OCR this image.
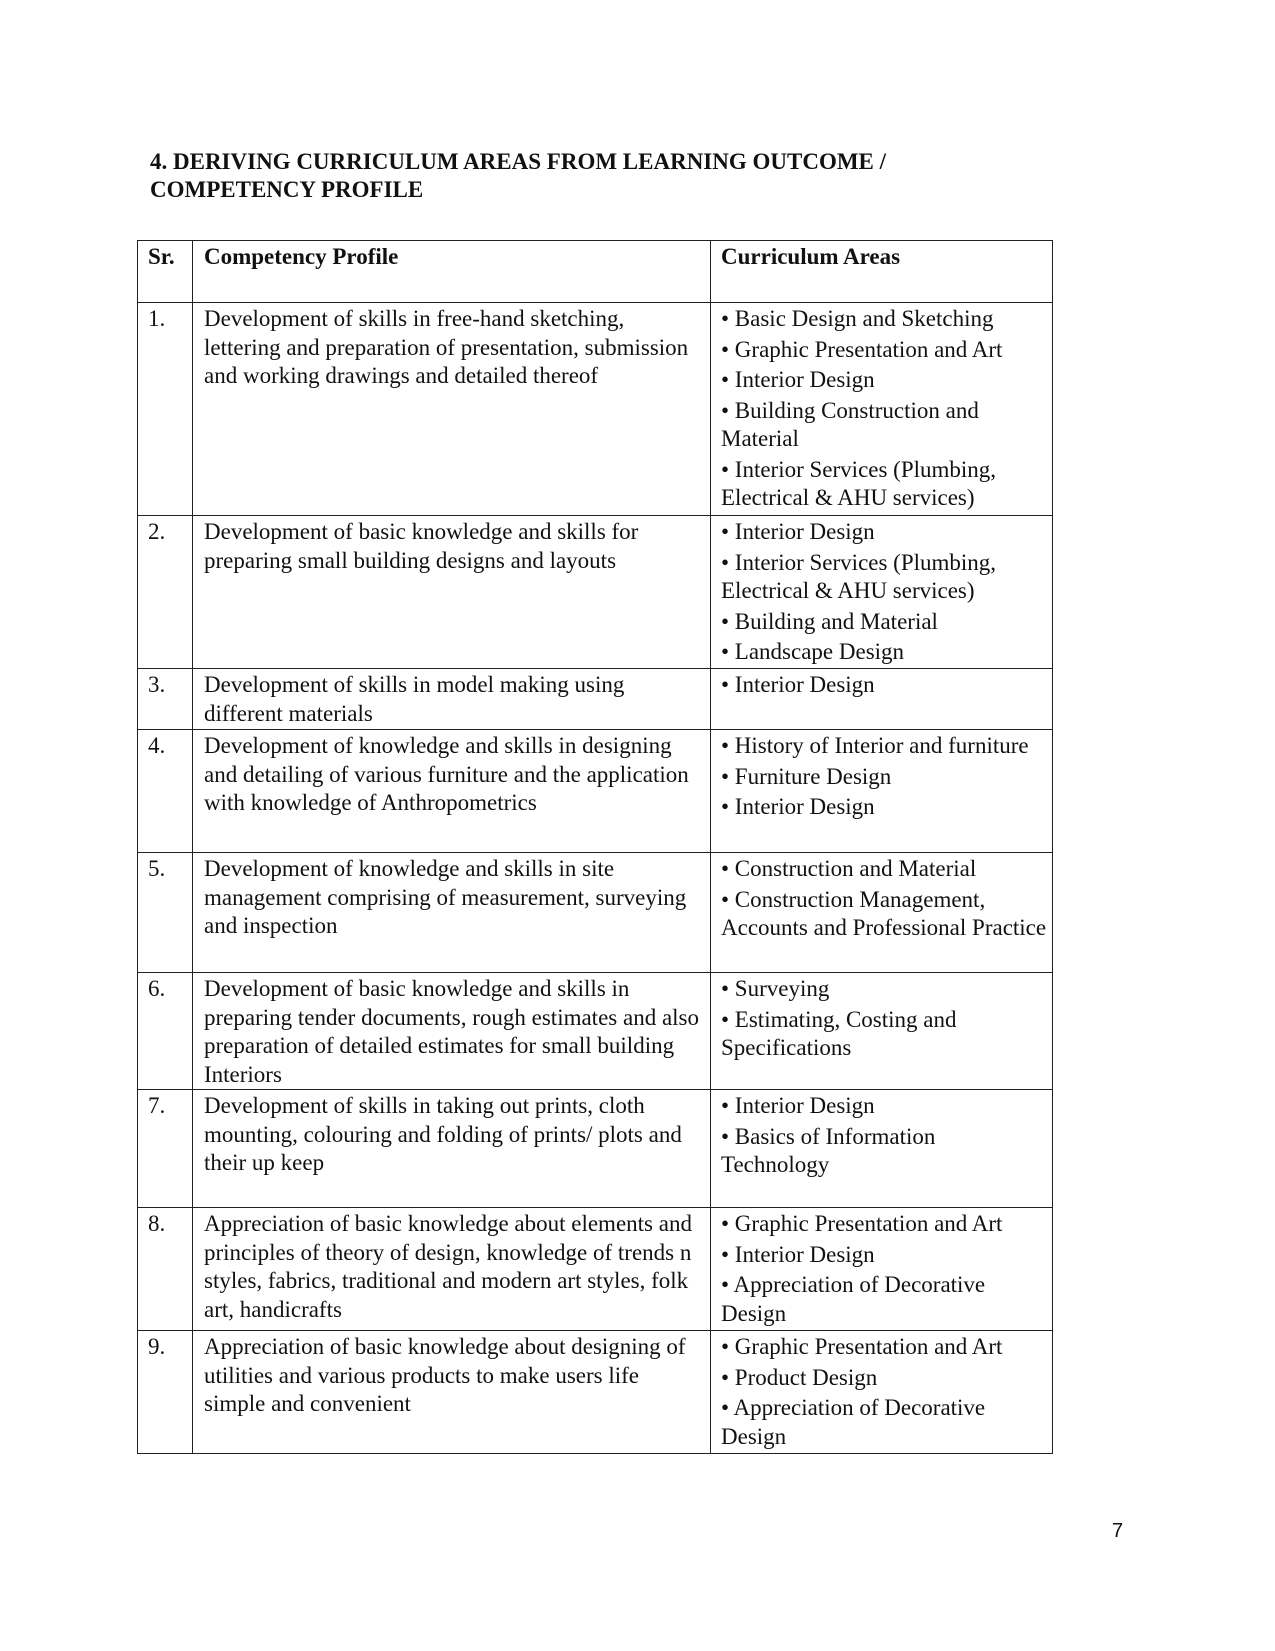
4. DERIVING CURRICULUM AREAS FROM LEARNING OUTCOME /
COMPETENCY PROFILE
Sr.	Competency Profile	Curriculum Areas
1.	Development of skills in free-hand sketching, lettering and preparation of presentation, submission and working drawings and detailed thereof	• Basic Design and Sketching
• Graphic Presentation and Art
• Interior Design
• Building Construction and Material
• Interior Services (Plumbing, Electrical & AHU services)

2.	Development of basic knowledge and skills for preparing small building designs and layouts	• Interior Design
• Interior Services (Plumbing, Electrical & AHU services)
• Building and Material
• Landscape Design

3.	Development of skills in model making using different materials	• Interior Design

4.	Development of knowledge and skills in designing and detailing of various furniture and the application with knowledge of Anthropometrics	• History of Interior and furniture
• Furniture Design
• Interior Design

5.	Development of knowledge and skills in site management comprising of measurement, surveying and inspection	• Construction and Material
• Construction Management, Accounts and Professional Practice

6.	Development of basic knowledge and skills in preparing tender documents, rough estimates and also preparation of detailed estimates for small building Interiors	• Surveying
• Estimating, Costing and Specifications

7.	Development of skills in taking out prints, cloth mounting, colouring and folding of prints/ plots and their up keep	• Interior Design
• Basics of Information Technology

8.	Appreciation of basic knowledge about elements and principles of theory of design, knowledge of trends n styles, fabrics, traditional and modern art styles, folk art, handicrafts	• Graphic Presentation and Art
• Interior Design
• Appreciation of Decorative Design

9.	Appreciation of basic knowledge about designing of utilities and various products to make users life simple and convenient	• Graphic Presentation and Art
• Product Design
• Appreciation of Decorative Design
7
